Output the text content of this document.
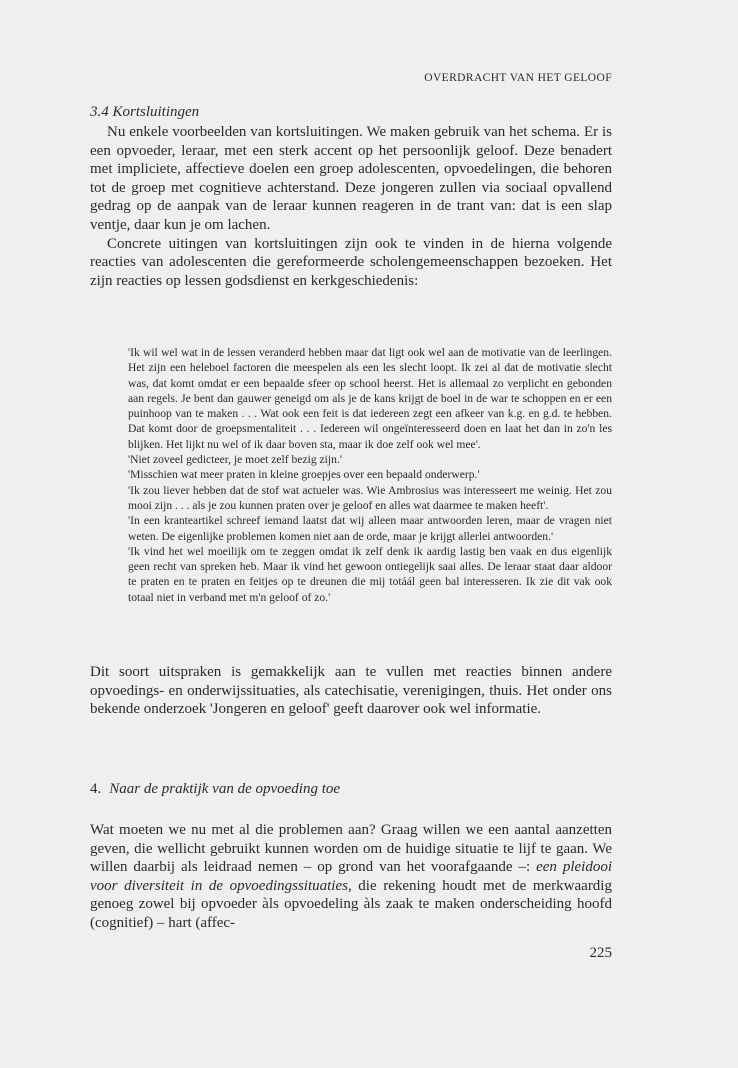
OVERDRACHT VAN HET GELOOF
3.4 Kortsluitingen

Nu enkele voorbeelden van kortsluitingen. We maken gebruik van het schema. Er is een opvoeder, leraar, met een sterk accent op het persoonlijk geloof. Deze benadert met impliciete, affectieve doelen een groep adolescenten, opvoedelingen, die behoren tot de groep met cognitieve achterstand. Deze jongeren zullen via sociaal opvallend gedrag op de aanpak van de leraar kunnen reageren in de trant van: dat is een slap ventje, daar kun je om lachen.

Concrete uitingen van kortsluitingen zijn ook te vinden in de hierna volgende reacties van adolescenten die gereformeerde scholengemeenschappen bezoeken. Het zijn reacties op lessen godsdienst en kerkgeschiedenis:

'Ik wil wel wat in de lessen veranderd hebben maar dat ligt ook wel aan de motivatie van de leerlingen. Het zijn een heleboel factoren die meespelen als een les slecht loopt. Ik zei al dat de motivatie slecht was, dat komt omdat er een bepaalde sfeer op school heerst. Het is allemaal zo verplicht en gebonden aan regels. Je bent dan gauwer geneigd om als je de kans krijgt de boel in de war te schoppen en er een puinhoop van te maken . . . Wat ook een feit is dat iedereen zegt een afkeer van k.g. en g.d. te hebben. Dat komt door de groepsmentaliteit . . . Iedereen wil ongeïnteresseerd doen en laat het dan in zo'n les blijken. Het lijkt nu wel of ik daar boven sta, maar ik doe zelf ook wel mee'.

'Niet zoveel gedicteer, je moet zelf bezig zijn.'

'Misschien wat meer praten in kleine groepjes over een bepaald onderwerp.'

'Ik zou liever hebben dat de stof wat actueler was. Wie Ambrosius was interesseert me weinig. Het zou mooi zijn . . . als je zou kunnen praten over je geloof en alles wat daarmee te maken heeft'.

'In een kranteartikel schreef iemand laatst dat wij alleen maar antwoorden leren, maar de vragen niet weten. De eigenlijke problemen komen niet aan de orde, maar je krijgt allerlei antwoorden.'

'Ik vind het wel moeilijk om te zeggen omdat ik zelf denk ik aardig lastig ben vaak en dus eigenlijk geen recht van spreken heb. Maar ik vind het gewoon ontiegelijk saai alles. De leraar staat daar aldoor te praten en te praten en feitjes op te dreunen die mij totáál geen bal interesseren. Ik zie dit vak ook totaal niet in verband met m'n geloof of zo.'

Dit soort uitspraken is gemakkelijk aan te vullen met reacties binnen andere opvoedings- en onderwijssituaties, als catechisatie, verenigingen, thuis. Het onder ons bekende onderzoek 'Jongeren en geloof' geeft daarover ook wel informatie.

4. Naar de praktijk van de opvoeding toe

Wat moeten we nu met al die problemen aan? Graag willen we een aantal aanzetten geven, die wellicht gebruikt kunnen worden om de huidige situatie te lijf te gaan. We willen daarbij als leidraad nemen – op grond van het voorafgaande –: een pleidooi voor diversiteit in de opvoedingssituaties, die rekening houdt met de merkwaardig genoeg zowel bij opvoeder àls opvoedeling àls zaak te maken onderscheiding hoofd (cognitief) – hart (affec-

225
